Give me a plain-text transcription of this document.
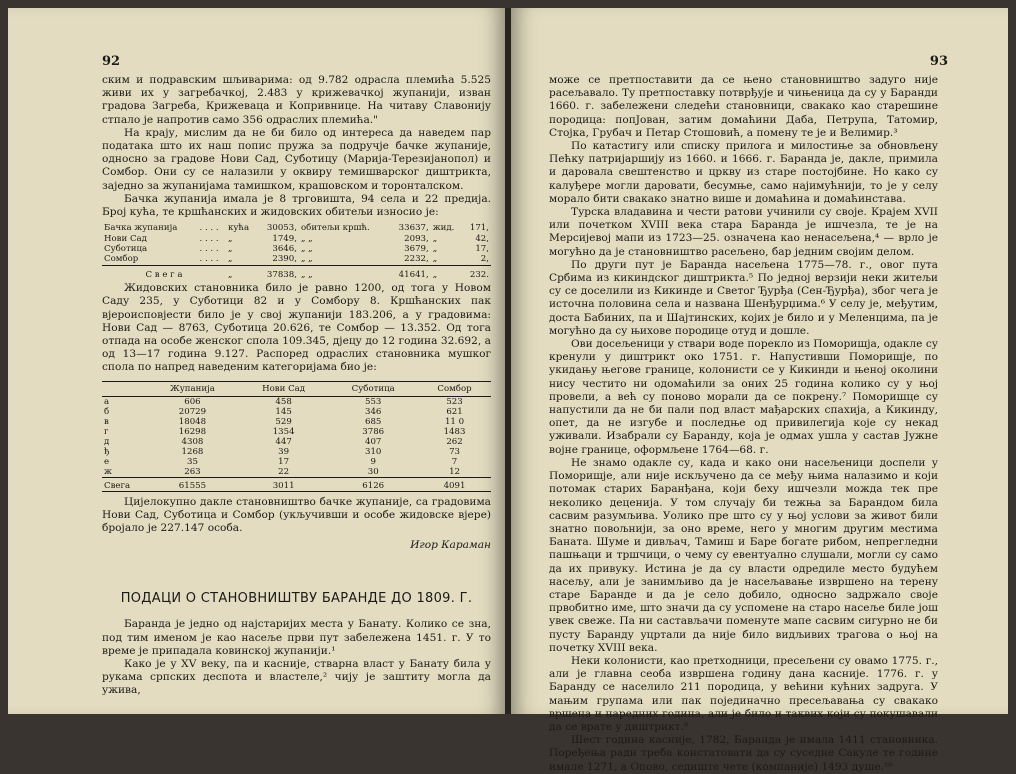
92

ским и подравским шљиварима: од 9.782 одрасла племића 5.525 живи их у загребачкој, 2.483 у крижевачкој жупанији, изван градова Загреба, Крижеваца и Копривнице. На читаву Славонију стпало је напротив само 356 одраслих племића."

На крају, мислим да не би било од интереса да наведем пар података што их наш попис пружа за подручје бачке жупаније, односно за градове Нови Сад, Суботицу (Марија-Терезијанопол) и Сомбор. Они су се налазили у оквиру темишварског диштрикта, заједно за жупанијама тамишком, крашовском и торонталском.

Бачка жупанија имала је 8 трговишта, 94 села и 22 предија. Број кућа, те кршћанских и жидовских обитељи износио је:

Бачка жупанија	. . . .	кућа	30053,	обитељи кршћ.	33637,	жид.	171,
Нови Сад	. . . .	„	1749,	„ „	2093,	„	42,
Суботица	. . . .	„	3646,	„ „	3679,	„	17,
Сомбор	. . . .	„	2390,	„ „	2232,	„	2,
С в е г а		„	37838,	„ „	41641,	„	232.

Жидовских становника било је равно 1200, од тога у Новом Саду 235, у Суботици 82 и у Сомбору 8. Кршћанских пак вјероисповјести било је у свој жупанији 183.206, а у градовима: Нови Сад — 8763, Суботица 20.626, те Сомбор — 13.352. Од тога отпада на особе женског спола 109.345, дјецу до 12 година 32.692, а од 13—17 година 9.127. Распоред одраслих становника мушког спола по напред наведеним категоријама био је:

	Жупанија	Нови Сад	Суботица	Сомбор
а	606	458	553	523
б	20729	145	346	621
в	18048	529	685	11 0
г	16298	1354	3786	1483
д	4308	447	407	262
ђ	1268	39	310	73
е	35	17	9	7
ж	263	22	30	12
Свега	61555	3011	6126	4091

Цијелокупно дакле становништво бачке жупаније, са градовима Нови Сад, Суботица и Сомбор (укључивши и особе жидовске вјере) бројало је 227.147 особа.

Игор Караман
ПОДАЦИ О СТАНОВНИШТВУ БАРАНДЕ ДО 1809. Г.

Баранда је једно од најстаријих места у Банату. Колико се зна, под тим именом је као насеље први пут забележена 1451. г. У то време је припадала ковинској жупанији.¹

Како је у XV веку, па и касније, стварна власт у Банату била у рукама српских деспота и властеле,² чију је заштиту могла да ужива,

93

може се претпоставити да се њено становништво задуго није расељавало. Ту претпоставку потврђује и чињеница да су у Баранди 1660. г. забележени следећи становници, свакако као старешине породица: попЈован, затим домаћини Даба, Петрупа, Татомир, Стојка, Грубач и Петар Стошовић, а помену те је и Велимир.³

По катастигу или списку прилога и милостиње за обновљену Пећку патријаршију из 1660. и 1666. г. Баранда је, дакле, примила и даровала свештенство и цркву из старе постојбине. Но како су калуђере могли даровати, бесумње, само најимућнији, то је у селу морало бити свакако знатно више и домаћина и домаћинстава.

Турска владавина и чести ратови учинили су своје. Крајем XVII или почетком XVIII века стара Баранда је ишчезла, те је на Мерсијевој мапи из 1723—25. означена као ненасељена,⁴ — врло је могућно да је становништво расељено, бар једним својим делом.

По други пут је Баранда насељена 1775—78. г., овог пута Србима из кикиндског диштрикта.⁵ По једној верзији неки житељи су се доселили из Кикинде и Светог Ђурђа (Сен-Ђурђа), због чега је источна половина села и названа Шенђурџима.⁶ У селу је, међутим, доста Бабиних, па и Шајтинских, којих је било и у Меленцима, па је могућно да су њихове породице отуд и дошле.

Ови досељеници у ствари воде порекло из Поморишја, одакле су кренули у диштрикт око 1751. г. Напустивши Поморишје, по укидању његове границе, колонисти се у Кикинди и њеној околини нису честито ни одомаћили за оних 25 година колико су у њој провели, а већ су поново морали да се покрену.⁷ Поморишце су напустили да не би пали под власт мађарских спахија, а Кикинду, опет, да не изгубе и последње од привилегија које су некад уживали. Изабрали су Баранду, која је одмах ушла у састав Јужне војне границе, оформљене 1764—68. г.

Не знамо одакле су, када и како они насељеници доспели у Поморишје, али није искључено да се међу њима налазимо и који потомак старих Баранђана, који беху ишчезли можда тек пре неколико деценија. У том случају би тежња за Барандом била сасвим разумљива. Уолико пре што су у њој услови за живот били знатно повољнији, за оно време, него у многим другим местима Баната. Шуме и дивљач, Тамиш и Баре богате рибом, непрегледни пашњаци и тршчици, о чему су евентуално слушали, могли су само да их привуку. Истина је да су власти одредиле место будућем насељу, али је занимљиво да је насељавање извршено на терену старе Баранде и да је село добило, односно задржало своје првобитно име, што значи да су успомене на старо насеље биле још увек свеже. Па ни састављачи поменуте мапе сасвим сигурно не би пусту Баранду уцртали да није било видљивих трагова о њој на почетку XVIII века.

Неки колонисти, као претходници, пресељени су овамо 1775. г., али је главна сеоба извршена годину дана касније. 1776. г. у Баранду се населило 211 породица, у већини кућних задруга. У мањим групама или пак појединачно пресељавања су свакако вршена и наредних година, али је било и таквих који су покушавали да се врате у диштрикт.⁸

Шест година касније, 1782, Баранда је имала 1411 становника. Поређења ради треба констатовати да су суседне Сакуле те године имале 1271, а Опово, седиште чете (компаније) 1493 душе.¹⁰
